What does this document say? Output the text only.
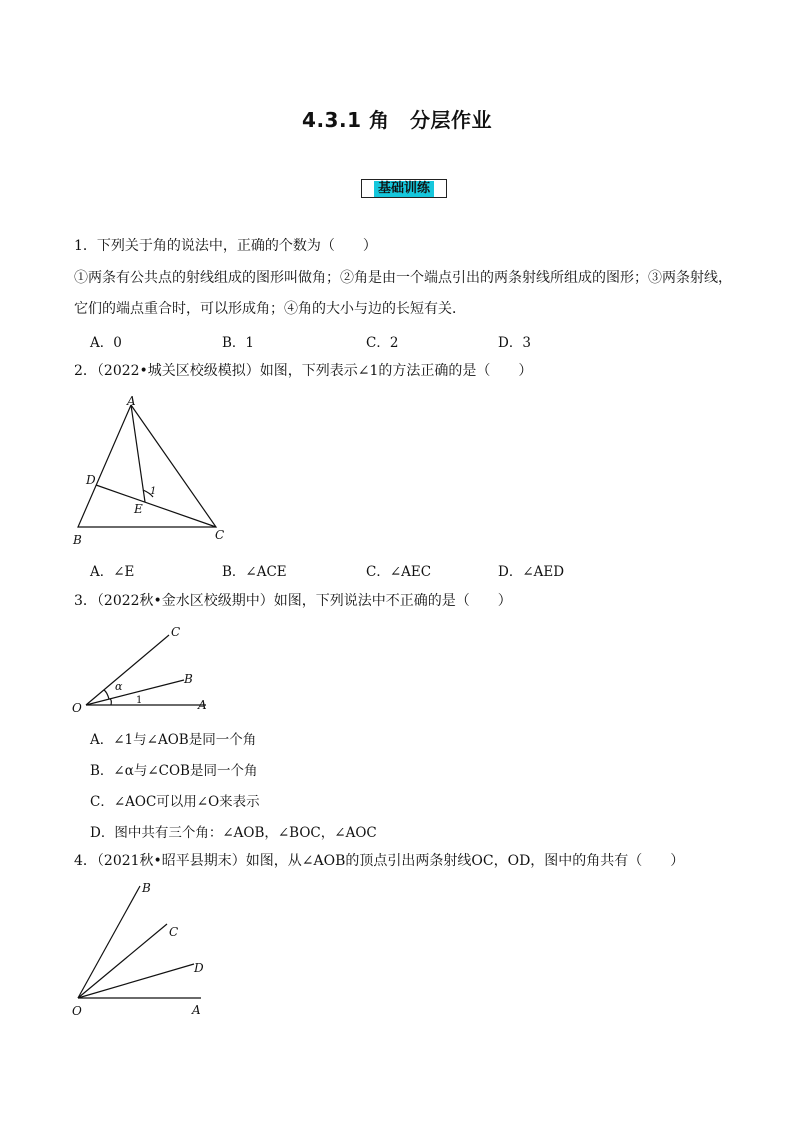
4.3.1 角　分层作业
基础训练
1．下列关于角的说法中，正确的个数为（　　）
①两条有公共点的射线组成的图形叫做角；②角是由一个端点引出的两条射线所组成的图形；③两条射线，
它们的端点重合时，可以形成角；④角的大小与边的长短有关．
A．0	B．1	C．2	D．3
2．（2022•城关区校级模拟）如图，下列表示∠1的方法正确的是（　　）
A
B	C
D
E
1
A．∠E	B．∠ACE	C．∠AEC	D．∠AED
3．（2022秋•金水区校级期中）如图，下列说法中不正确的是（　　）
O	A
B
C
α
1
A．∠1与∠AOB是同一个角
B．∠α与∠COB是同一个角
C．∠AOC可以用∠O来表示
D．图中共有三个角：∠AOB，∠BOC，∠AOC
4．（2021秋•昭平县期末）如图，从∠AOB的顶点引出两条射线OC，OD，图中的角共有（　　）
O	A
B
C
D
